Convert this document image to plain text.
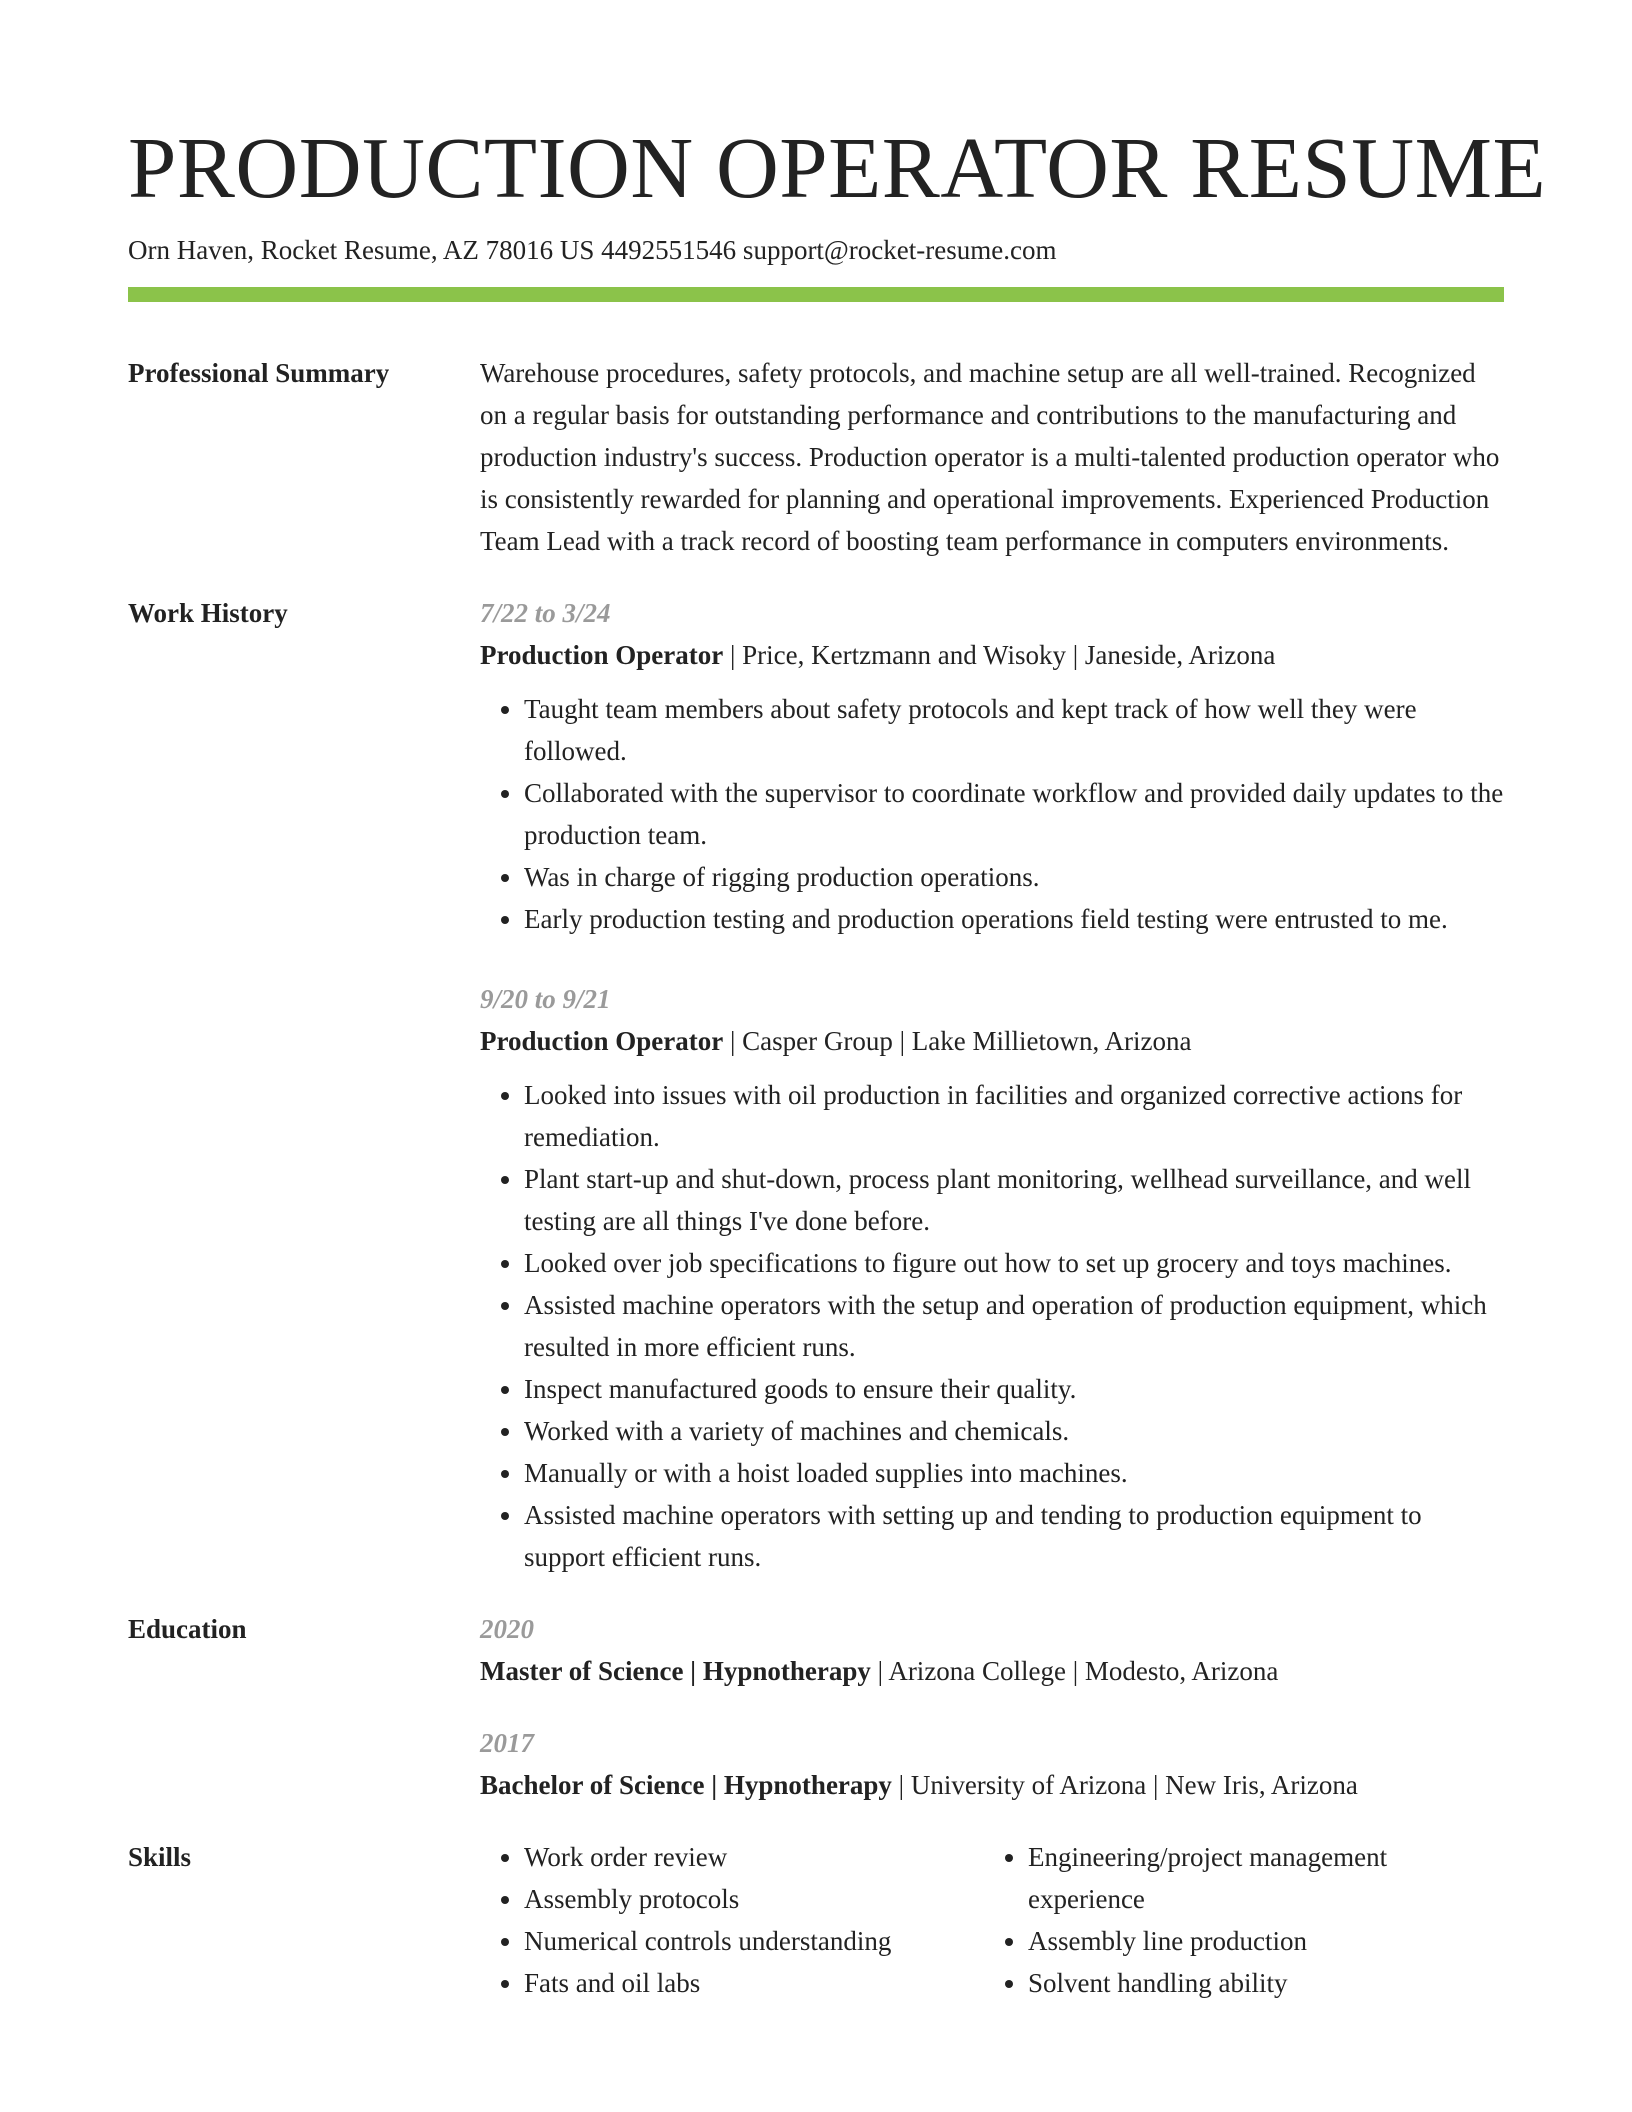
PRODUCTION OPERATOR RESUME
Orn Haven, Rocket Resume, AZ 78016 US 4492551546 support@rocket-resume.com
Professional Summary	Warehouse procedures, safety protocols, and machine setup are all well-trained. Recognized on a regular basis for outstanding performance and contributions to the manufacturing and production industry's success. Production operator is a multi-talented production operator who is consistently rewarded for planning and operational improvements. Experienced Production Team Lead with a track record of boosting team performance in computers environments.
Work History	7/22 to 3/24
Production Operator | Price, Kertzmann and Wisoky | Janeside, Arizona
• Taught team members about safety protocols and kept track of how well they were followed.
• Collaborated with the supervisor to coordinate workflow and provided daily updates to the production team.
• Was in charge of rigging production operations.
• Early production testing and production operations field testing were entrusted to me.
9/20 to 9/21
Production Operator | Casper Group | Lake Millietown, Arizona
• Looked into issues with oil production in facilities and organized corrective actions for remediation.
• Plant start-up and shut-down, process plant monitoring, wellhead surveillance, and well testing are all things I've done before.
• Looked over job specifications to figure out how to set up grocery and toys machines.
• Assisted machine operators with the setup and operation of production equipment, which resulted in more efficient runs.
• Inspect manufactured goods to ensure their quality.
• Worked with a variety of machines and chemicals.
• Manually or with a hoist loaded supplies into machines.
• Assisted machine operators with setting up and tending to production equipment to support efficient runs.
Education	2020
Master of Science | Hypnotherapy | Arizona College | Modesto, Arizona
2017
Bachelor of Science | Hypnotherapy | University of Arizona | New Iris, Arizona
Skills
•	Work order review
• Assembly protocols
• Numerical controls understanding
• Fats and oil labs
• Engineering/project management experience
• Assembly line production
• Solvent handling ability
